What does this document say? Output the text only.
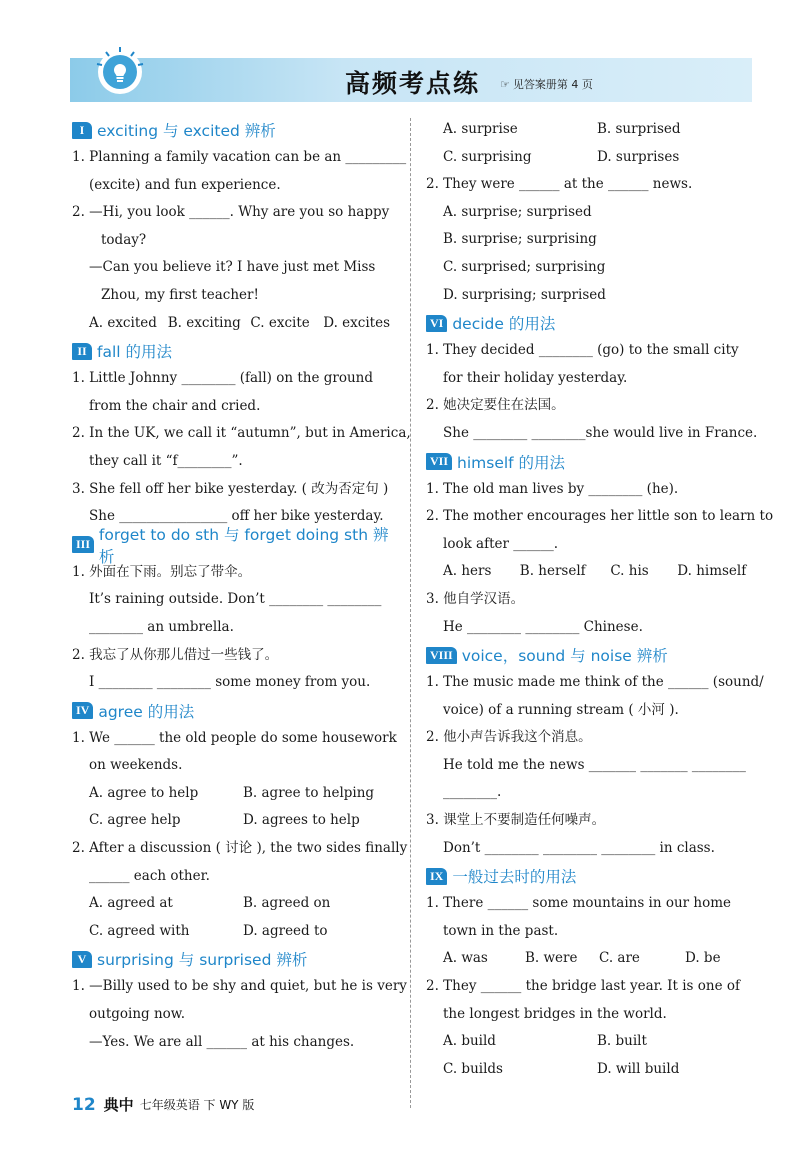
高频考点练 ☞ 见答案册第 4 页
I exciting 与 excited 辨析
1. Planning a family vacation can be an _________
(excite) and fun experience.
2. —Hi, you look ______. Why are you so happy
today?
—Can you believe it? I have just met Miss
Zhou, my first teacher!
A. excited B. exciting C. excite	D. excites
II fall 的用法
1. Little Johnny ________ (fall) on the ground
from the chair and cried.
2. In the UK, we call it “autumn”, but in America,
they call it “f________”.
3. She fell off her bike yesterday. ( 改为否定句 )
She ________________ off her bike yesterday.
III
forget to do sth 与 forget doing sth 辨析
1. 外面在下雨。别忘了带伞。
It’s raining outside. Don’t ________ ________
________ an umbrella.
2. 我忘了从你那儿借过一些钱了。
I ________ ________ some money from you.
IV agree 的用法
1. We ______ the old people do some housework
on weekends.
A. agree to help	B. agree to helping
C. agree help	D. agrees to help
2. After a discussion ( 讨论 ), the two sides finally
______ each other.
A. agreed at	B. agreed on
C. agreed with	D. agreed to
V surprising 与 surprised 辨析
1. —Billy used to be shy and quiet, but he is very
outgoing now.
—Yes. We are all ______ at his changes.
A. surprise	B. surprised
C. surprising	D. surprises
2. They were ______ at the ______ news.
A. surprise; surprised
B. surprise; surprising
C. surprised; surprising
D. surprising; surprised
VI decide 的用法
1. They decided ________ (go) to the small city
for their holiday yesterday.
2. 她决定要住在法国。
She ________ ________she would live in France.
VII himself 的用法
1. The old man lives by ________ (he).
2. The mother encourages her little son to learn to
look after ______.
A. hers	B. herself	C. his	D. himself
3. 他自学汉语。
He ________ ________ Chinese.
VIII voice，sound 与 noise 辨析
1. The music made me think of the ______ (sound/
voice) of a running stream ( 小河 ).
2. 他小声告诉我这个消息。
He told me the news _______ _______ ________
________.
3. 课堂上不要制造任何噪声。
Don’t ________ ________ ________ in class.
IX 一般过去时的用法
1. There ______ some mountains in our home
town in the past.
A. was	B. were	C. are	D. be
2. They ______ the bridge last year. It is one of
the longest bridges in the world.
A. build	B. built
C. builds	D. will build
12 典中 七年级英语 下 WY 版
